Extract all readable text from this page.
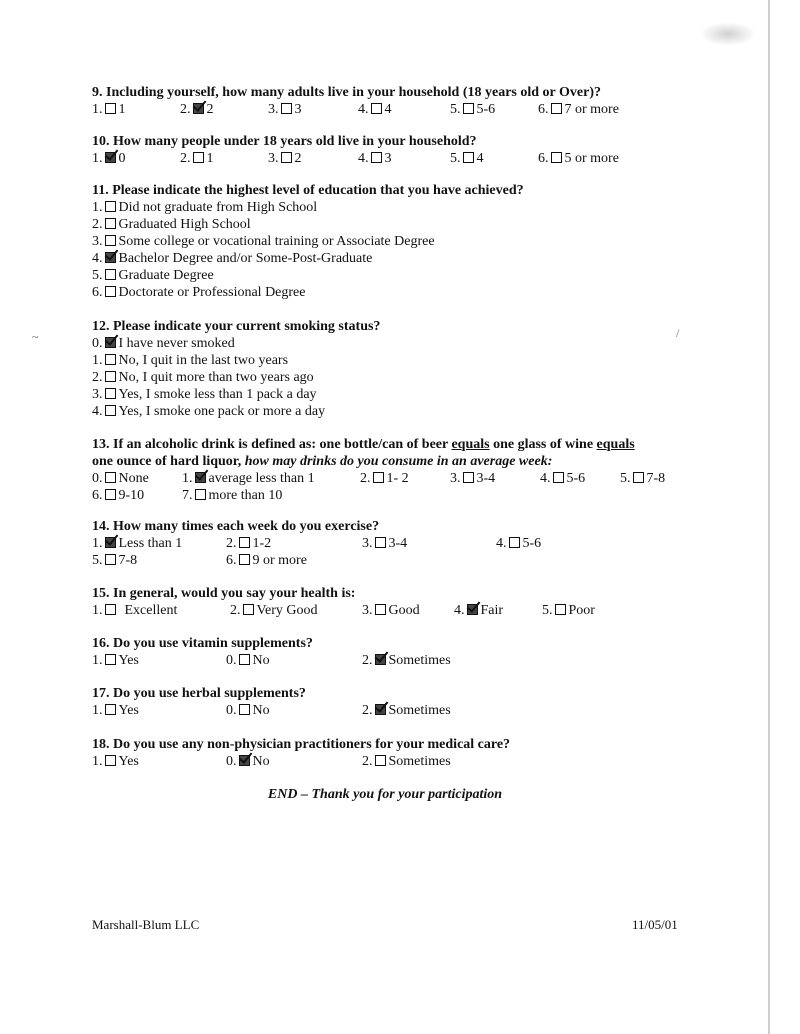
9. Including yourself, how many adults live in your household (18 years old or Over)?
1. 1	2. 2	3. 3	4. 4	5. 5-6	6. 7 or more
10. How many people under 18 years old live in your household?
1. 0	2. 1	3. 2	4. 3	5. 4	6. 5 or more
11. Please indicate the highest level of education that you have achieved?
1. Did not graduate from High School
2. Graduated High School
3. Some college or vocational training or Associate Degree
4. Bachelor Degree and/or Some-Post-Graduate
5. Graduate Degree
6. Doctorate or Professional Degree
12. Please indicate your current smoking status?
0. I have never smoked
1. No, I quit in the last two years
2. No, I quit more than two years ago
3. Yes, I smoke less than 1 pack a day
4. Yes, I smoke one pack or more a day
13. If an alcoholic drink is defined as: one bottle/can of beer equals one glass of wine equals
one ounce of hard liquor, how may drinks do you consume in an average week:
0. None 1. average less than 1	2. 1- 2	3. 3-4	4. 5-6 5. 7-8
6. 9-10	7. more than 10
14. How many times each week do you exercise?
1. Less than 1	2. 1-2	3. 3-4	4. 5-6
5. 7-8	6. 9 or more
15. In general, would you say your health is:
1. Excellent	2. Very Good	3. Good 4. Fair	5. Poor
16. Do you use vitamin supplements?
1. Yes	0. No	2. Sometimes
17. Do you use herbal supplements?
1. Yes	0. No	2. Sometimes
18. Do you use any non-physician practitioners for your medical care?
1. Yes	0. No	2. Sometimes
END – Thank you for your participation
Marshall-Blum LLC	11/05/01
~	/
